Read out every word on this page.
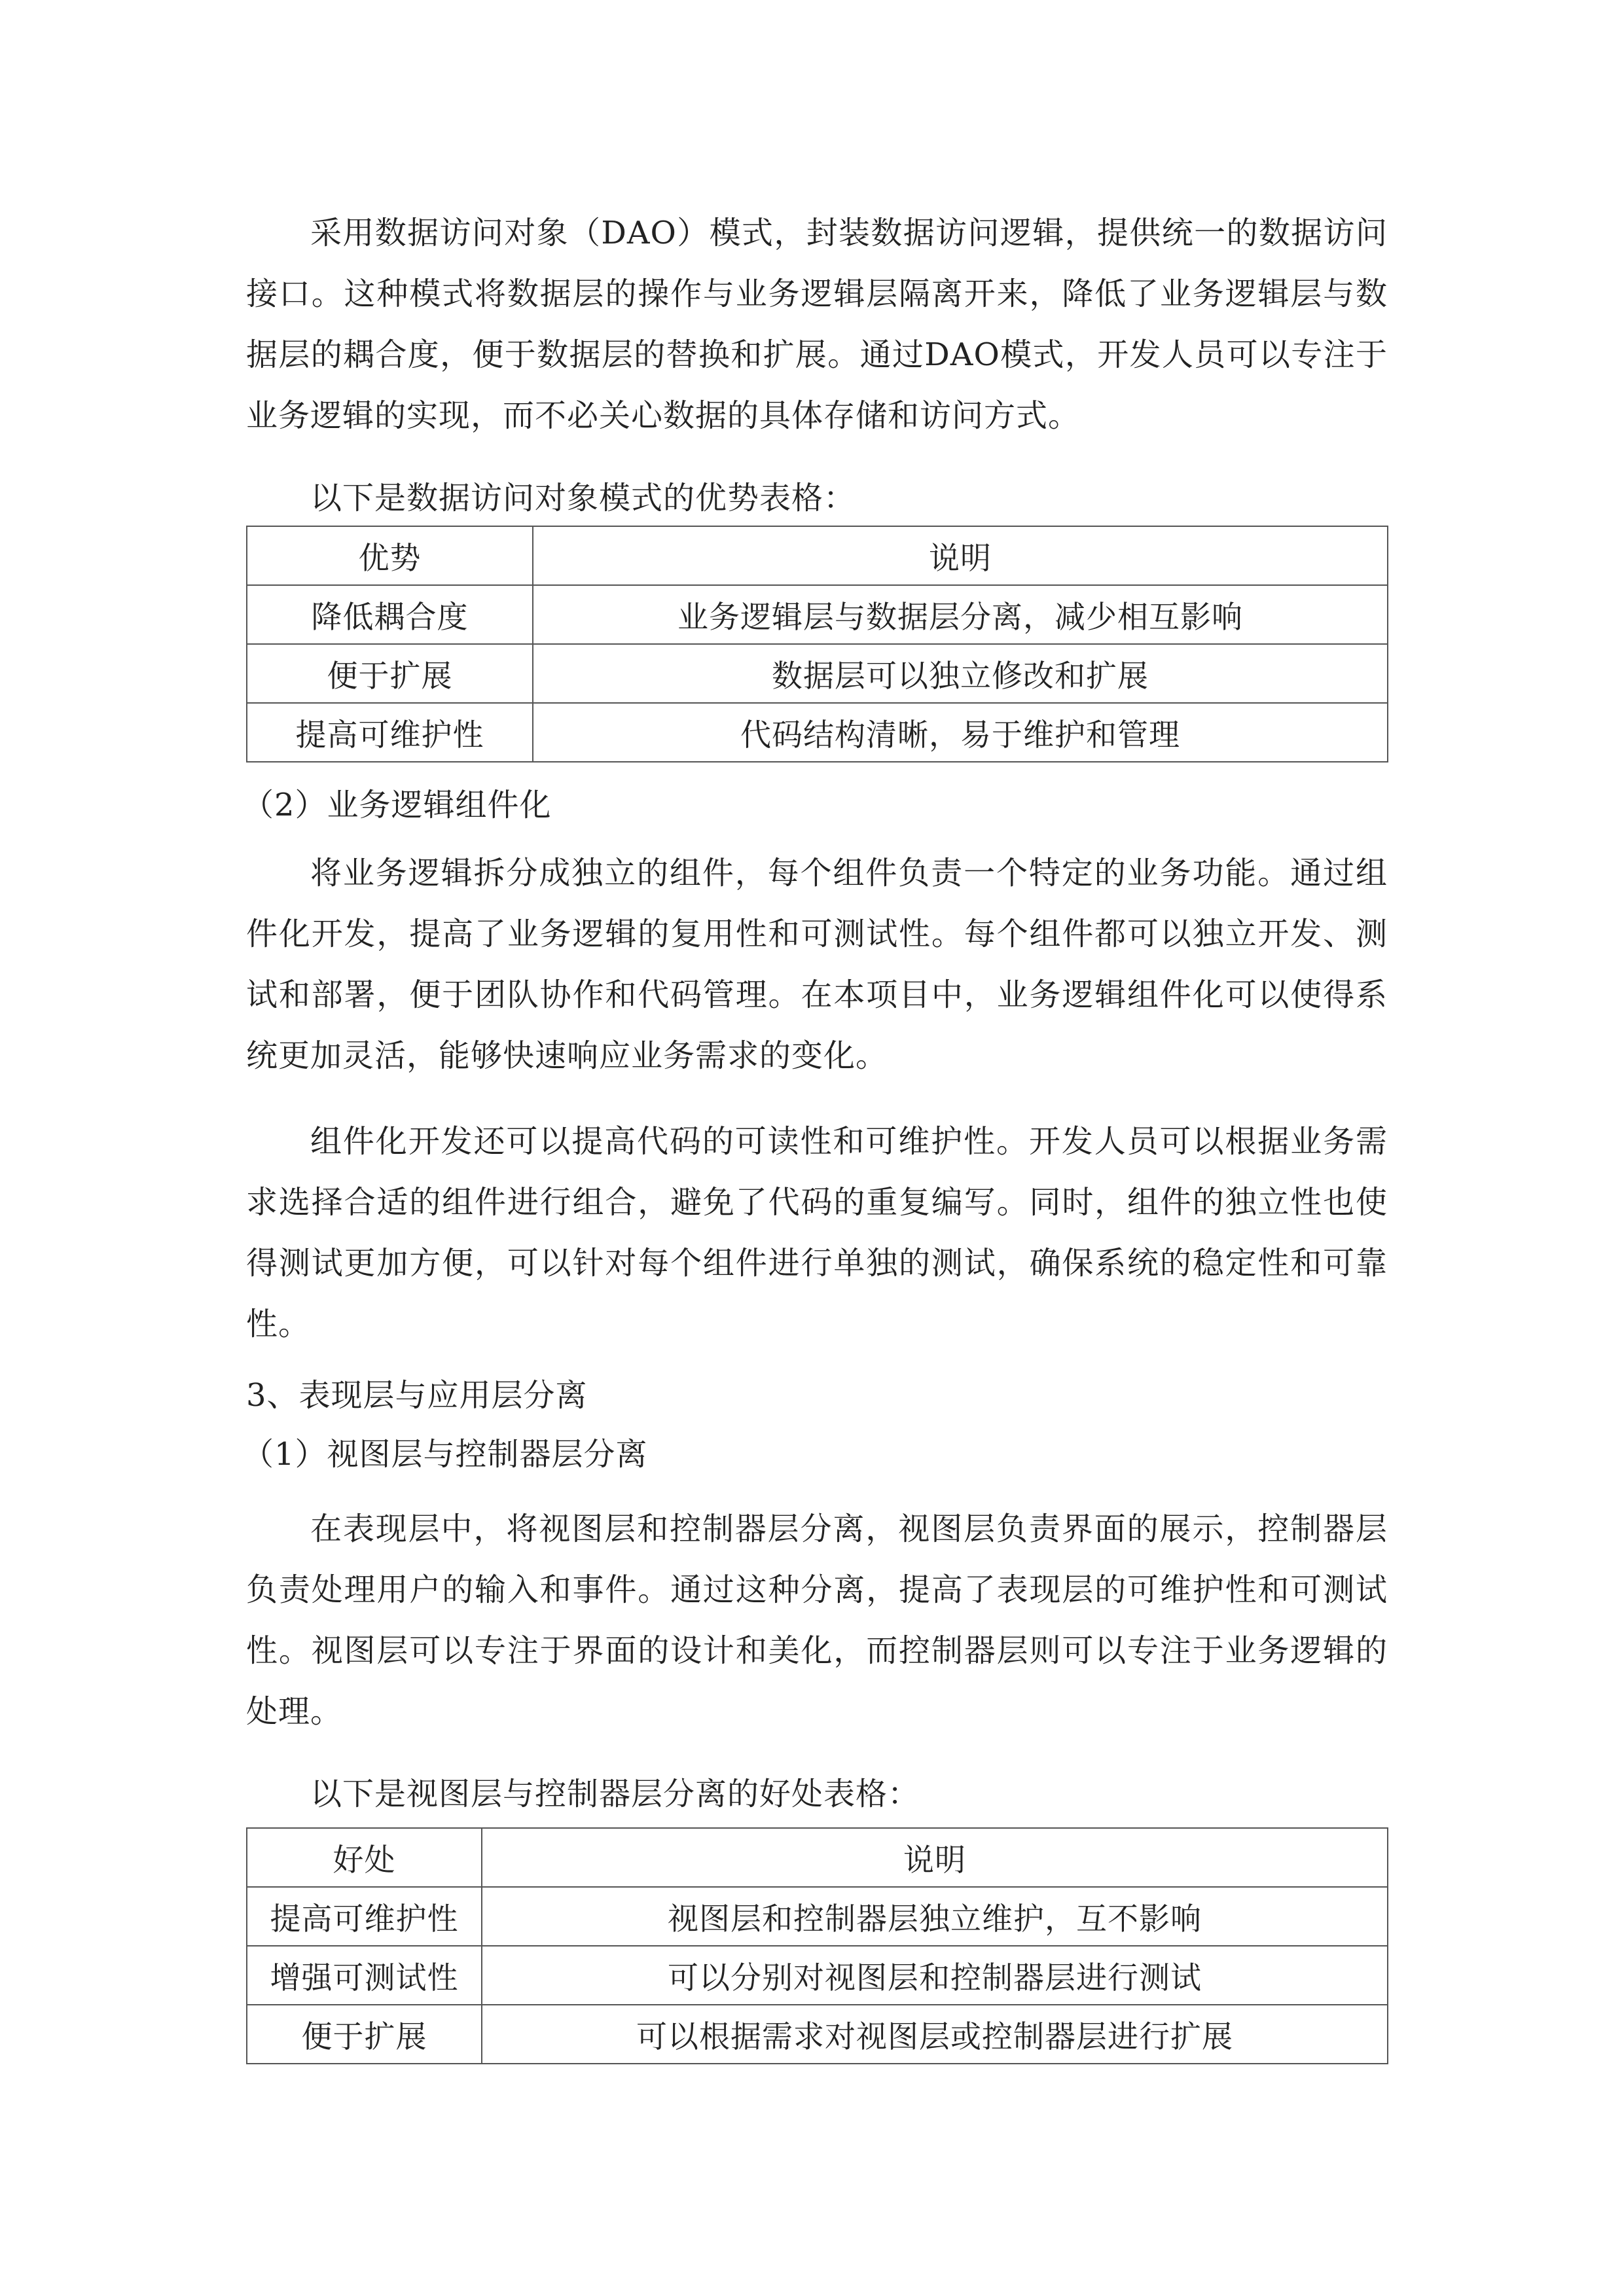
采用数据访问对象（DAO）模式，封装数据访问逻辑，提供统一的数据访问接口。这种模式将数据层的操作与业务逻辑层隔离开来，降低了业务逻辑层与数据层的耦合度，便于数据层的替换和扩展。通过DAO模式，开发人员可以专注于业务逻辑的实现，而不必关心数据的具体存储和访问方式。

以下是数据访问对象模式的优势表格：

优势	说明
降低耦合度	业务逻辑层与数据层分离，减少相互影响
便于扩展	数据层可以独立修改和扩展
提高可维护性	代码结构清晰，易于维护和管理

（2）业务逻辑组件化

将业务逻辑拆分成独立的组件，每个组件负责一个特定的业务功能。通过组件化开发，提高了业务逻辑的复用性和可测试性。每个组件都可以独立开发、测试和部署，便于团队协作和代码管理。在本项目中，业务逻辑组件化可以使得系统更加灵活，能够快速响应业务需求的变化。

组件化开发还可以提高代码的可读性和可维护性。开发人员可以根据业务需求选择合适的组件进行组合，避免了代码的重复编写。同时，组件的独立性也使得测试更加方便，可以针对每个组件进行单独的测试，确保系统的稳定性和可靠性。

3、表现层与应用层分离

（1）视图层与控制器层分离

在表现层中，将视图层和控制器层分离，视图层负责界面的展示，控制器层负责处理用户的输入和事件。通过这种分离，提高了表现层的可维护性和可测试性。视图层可以专注于界面的设计和美化，而控制器层则可以专注于业务逻辑的处理。

以下是视图层与控制器层分离的好处表格：

好处	说明
提高可维护性	视图层和控制器层独立维护，互不影响
增强可测试性	可以分别对视图层和控制器层进行测试
便于扩展	可以根据需求对视图层或控制器层进行扩展
